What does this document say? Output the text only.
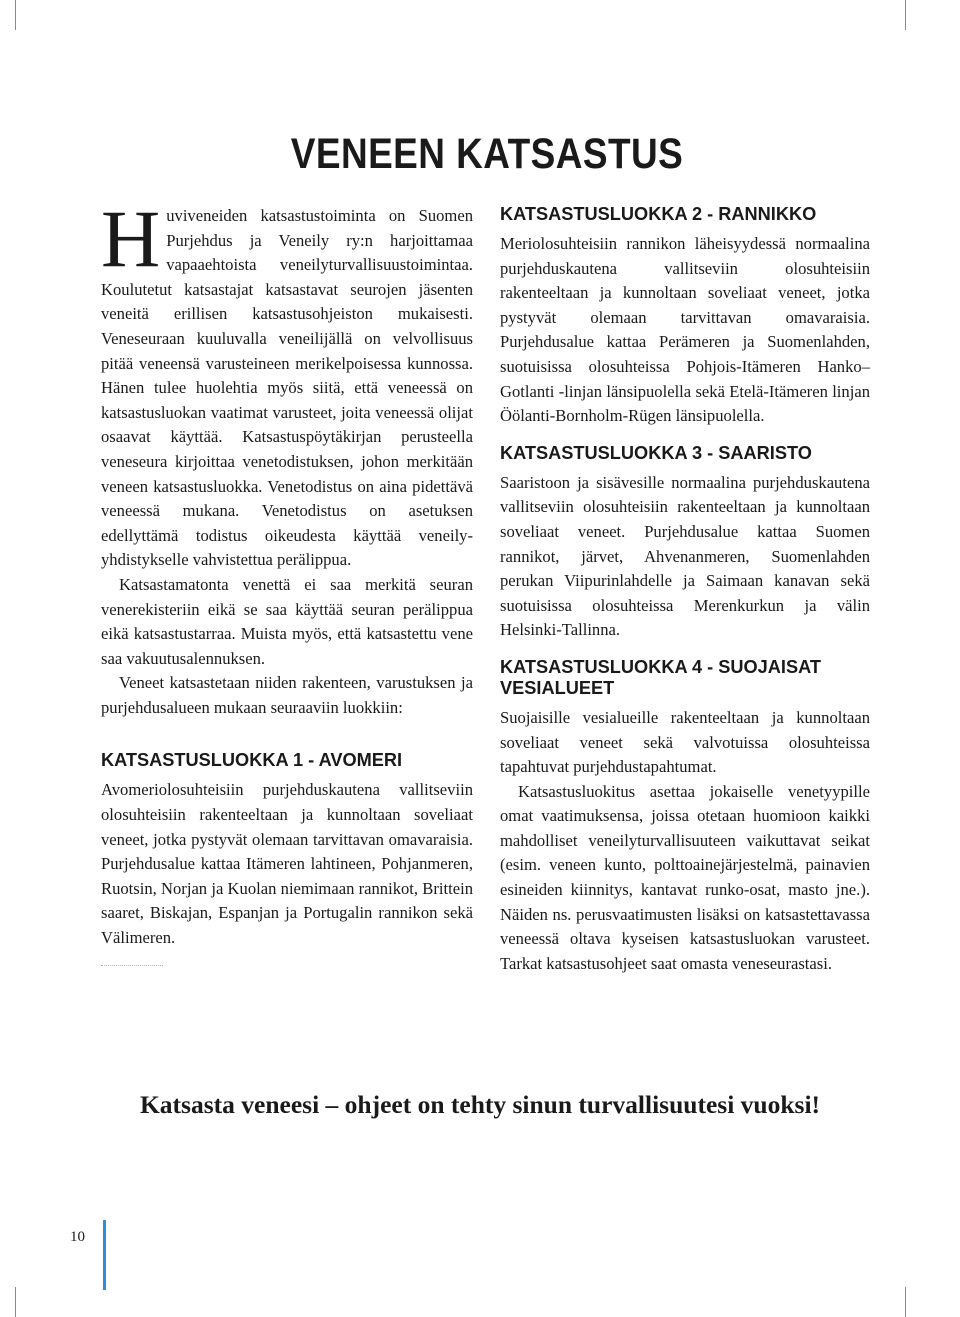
VENEEN KATSASTUS

Huviveneiden katsastustoiminta on Suomen Purjehdus ja Veneily ry:n harjoittamaa vapaaehtoista veneilyturvallisuustoimintaa. Koulutetut katsastajat katsastavat seurojen jäsenten veneitä erillisen katsastusohjeiston mukaisesti. Veneseuraan kuuluvalla veneilijällä on velvollisuus pitää veneensä varusteineen merikelpoisessa kunnossa. Hänen tulee huolehtia myös siitä, että veneessä on katsastusluokan vaatimat varusteet, joita veneessä olijat osaavat käyttää. Katsastuspöytäkirjan perusteella veneseura kirjoittaa venetodistuksen, johon merkitään veneen katsastusluokka. Venetodistus on aina pidettävä veneessä mukana. Venetodistus on asetuksen edellyttämä todistus oikeudesta käyttää veneily-yhdistykselle vahvistettua perälippua.

Katsastamatonta venettä ei saa merkitä seuran venerekisteriin eikä se saa käyttää seuran perälippua eikä katsastustarraa. Muista myös, että katsastettu vene saa vakuutusalennuksen.

Veneet katsastetaan niiden rakenteen, varustuksen ja purjehdusalueen mukaan seuraaviin luokkiin:

KATSASTUSLUOKKA 1 - AVOMERI

Avomeriolosuhteisiin purjehduskautena vallitseviin olosuhteisiin rakenteeltaan ja kunnoltaan soveliaat veneet, jotka pystyvät olemaan tarvittavan omavaraisia. Purjehdusalue kattaa Itämeren lahtineen, Pohjanmeren, Ruotsin, Norjan ja Kuolan niemimaan rannikot, Brittein saaret, Biskajan, Espanjan ja Portugalin rannikon sekä Välimeren.

KATSASTUSLUOKKA 2 - RANNIKKO

Meriolosuhteisiin rannikon läheisyydessä normaalina purjehduskautena vallitseviin olosuhteisiin rakenteeltaan ja kunnoltaan soveliaat veneet, jotka pystyvät olemaan tarvittavan omavaraisia. Purjehdusalue kattaa Perämeren ja Suomenlahden, suotuisissa olosuhteissa Pohjois-Itämeren Hanko–Gotlanti -linjan länsipuolella sekä Etelä-Itämeren linjan Öölanti-Bornholm-Rügen länsipuolella.

KATSASTUSLUOKKA 3 - SAARISTO

Saaristoon ja sisävesille normaalina purjehduskautena vallitseviin olosuhteisiin rakenteeltaan ja kunnoltaan soveliaat veneet. Purjehdusalue kattaa Suomen rannikot, järvet, Ahvenanmeren, Suomenlahden perukan Viipurinlahdelle ja Saimaan kanavan sekä suotuisissa olosuhteissa Merenkurkun ja välin Helsinki-Tallinna.

KATSASTUSLUOKKA 4 - SUOJAISAT VESIALUEET

Suojaisille vesialueille rakenteeltaan ja kunnoltaan soveliaat veneet sekä valvotuissa olosuhteissa tapahtuvat purjehdustapahtumat.

Katsastusluokitus asettaa jokaiselle venetyypille omat vaatimuksensa, joissa otetaan huomioon kaikki mahdolliset veneilyturvallisuuteen vaikuttavat seikat (esim. veneen kunto, polttoainejärjestelmä, painavien esineiden kiinnitys, kantavat runko-osat, masto jne.). Näiden ns. perusvaatimusten lisäksi on katsastettavassa veneessä oltava kyseisen katsastusluokan varusteet. Tarkat katsastusohjeet saat omasta veneseurastasi.

Katsasta veneesi – ohjeet on tehty sinun turvallisuutesi vuoksi!

10
